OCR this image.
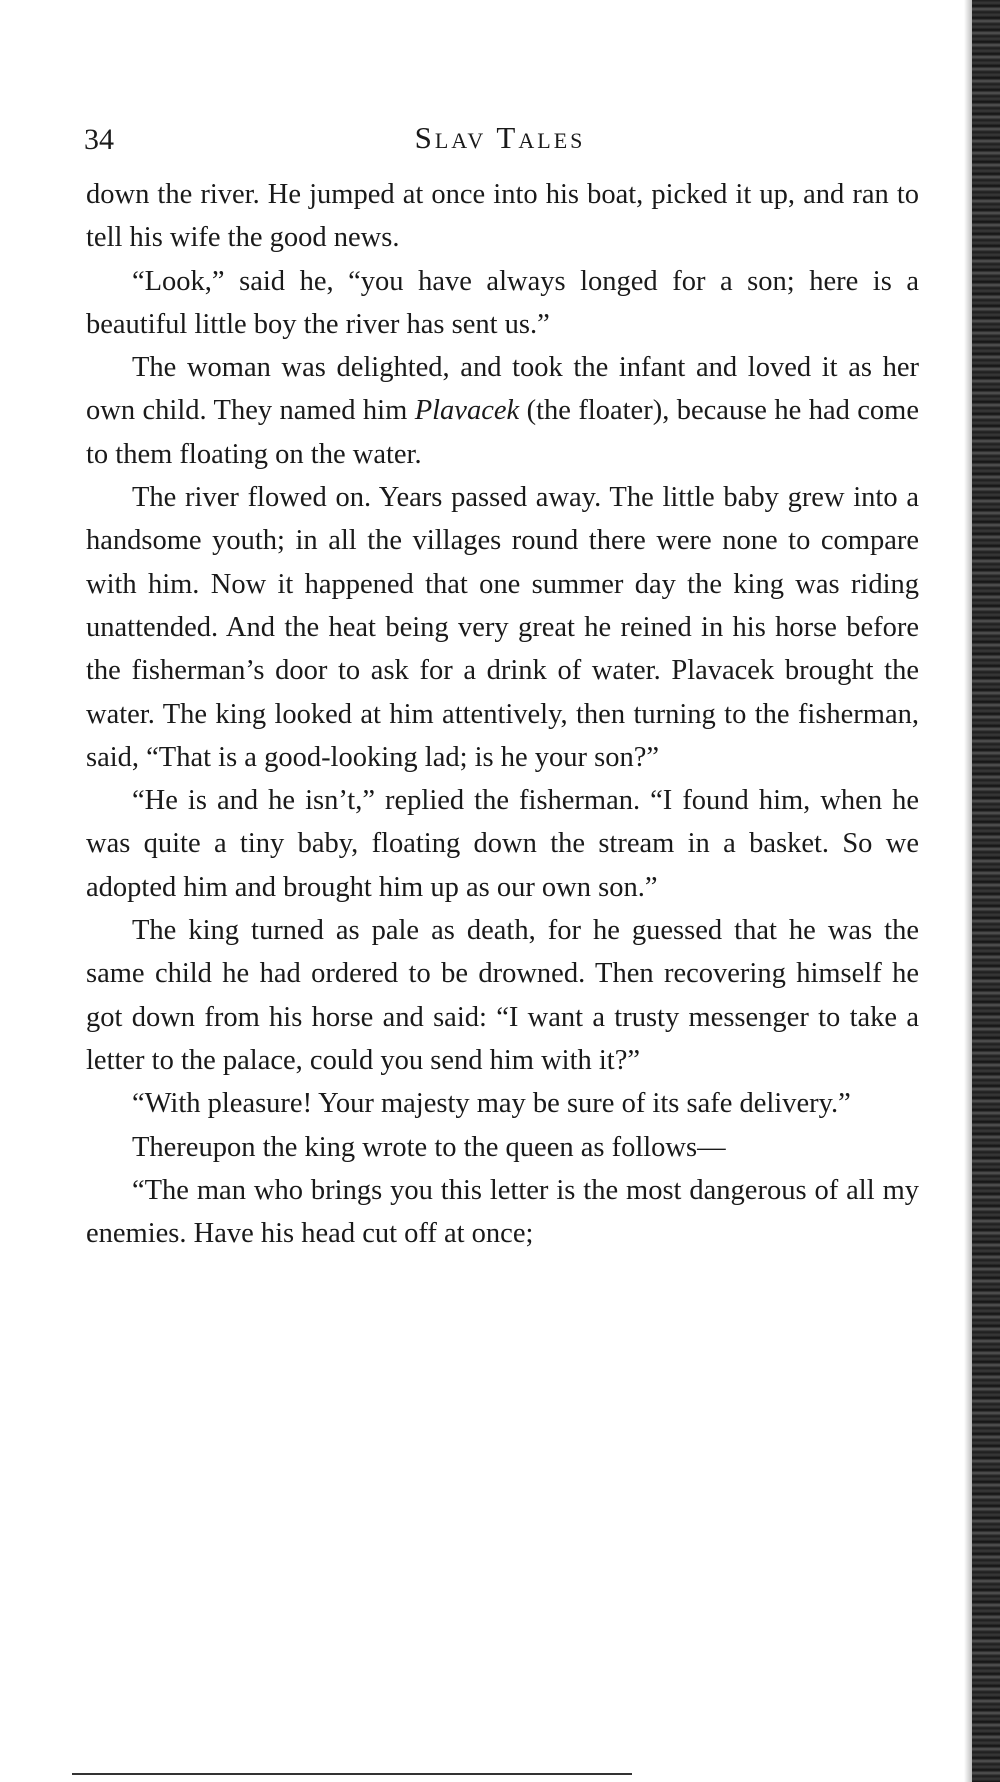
34	Slav Tales

down the river. He jumped at once into his boat, picked it up, and ran to tell his wife the good news.

“Look,” said he, “you have always longed for a son; here is a beautiful little boy the river has sent us.”

The woman was delighted, and took the infant and loved it as her own child. They named him Plavacek (the floater), because he had come to them floating on the water.

The river flowed on. Years passed away. The little baby grew into a handsome youth; in all the villages round there were none to compare with him. Now it happened that one summer day the king was riding unattended. And the heat being very great he reined in his horse before the fisherman’s door to ask for a drink of water. Plavacek brought the water. The king looked at him attentively, then turning to the fisherman, said, “That is a good-looking lad; is he your son?”

“He is and he isn’t,” replied the fisherman. “I found him, when he was quite a tiny baby, floating down the stream in a basket. So we adopted him and brought him up as our own son.”

The king turned as pale as death, for he guessed that he was the same child he had ordered to be drowned. Then recovering himself he got down from his horse and said: “I want a trusty messenger to take a letter to the palace, could you send him with it?”

“With pleasure! Your majesty may be sure of its safe delivery.”

Thereupon the king wrote to the queen as follows—

“The man who brings you this letter is the most dangerous of all my enemies. Have his head cut off at once;
